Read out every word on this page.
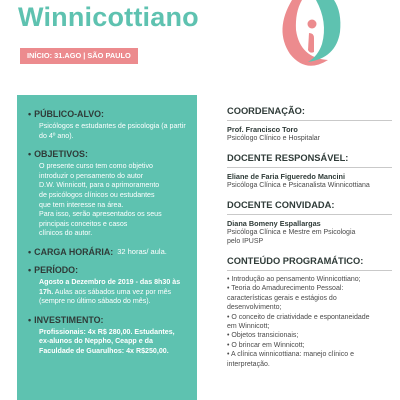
Winnicottiano
INÍCIO: 31.AGO | SÃO PAULO
• PÚBLICO-ALVO:
Psicólogos e estudantes de psicologia (a partir do 4º ano).
• OBJETIVOS:
O presente curso tem como objetivo
introduzir o pensamento do autor
D.W. Winnicott, para o aprimoramento
de psicólogos clínicos ou estudantes
que tem interesse na área.
Para isso, serão apresentados os seus
principais conceitos e casos
clínicos do autor.
• CARGA HORÁRIA: 32 horas/ aula.
• PERÍODO:
Agosto a Dezembro de 2019 - das 8h30 às
17h. Aulas aos sábados uma vez por mês
(sempre no último sábado do mês).
• INVESTIMENTO:
Profissionais: 4x R$ 280,00. Estudantes,
ex-alunos do Neppho, Ceapp e da
Faculdade de Guarulhos: 4x R$250,00.
COORDENAÇÃO:
Prof. Francisco Toro
Psicólogo Clínico e Hospitalar
DOCENTE RESPONSÁVEL:
Eliane de Faria Figueredo Mancini
Psicóloga Clínica e Psicanalista Winnicottiana
DOCENTE CONVIDADA:
Diana Bomeny Espallargas
Psicóloga Clínica e Mestre em Psicologia
pelo IPUSP
CONTEÚDO PROGRAMÁTICO:
• Introdução ao pensamento Winnicottiano;
• Teoria do Amadurecimento Pessoal:
características gerais e estágios do
desenvolvimento;
• O conceito de criatividade e espontaneidade
em Winnicott;
• Objetos transicionais;
• O brincar em Winnicott;
• A clínica winnicottiana: manejo clínico e
interpretação.
